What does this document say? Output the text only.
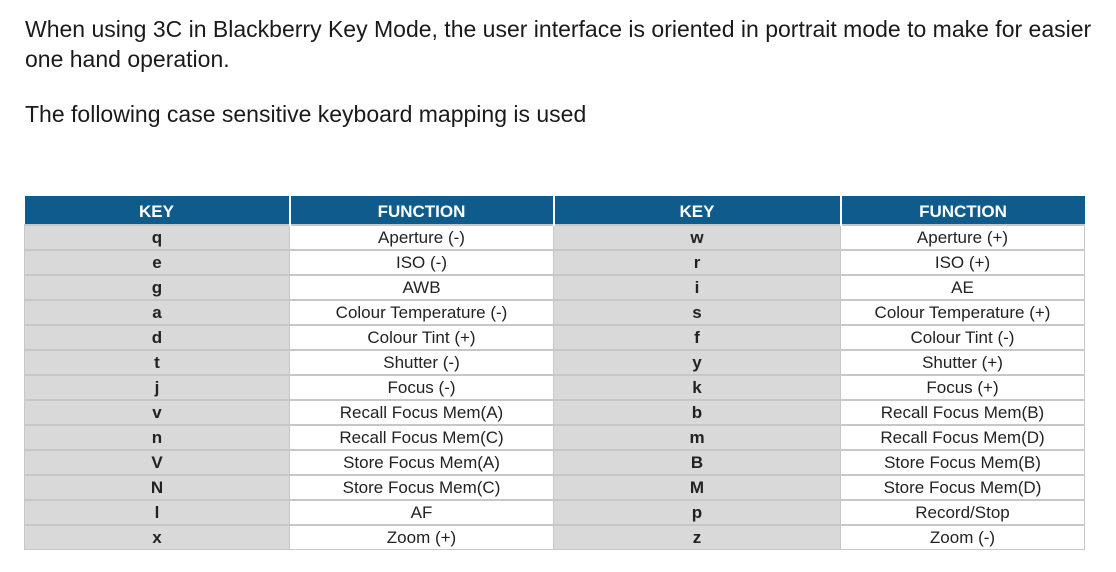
When using 3C in Blackberry Key Mode, the user interface is oriented in portrait mode to make for easier one hand operation.

The following case sensitive keyboard mapping is used

KEY	FUNCTION	KEY	FUNCTION
q	Aperture (-)	w	Aperture (+)
e	ISO (-)	r	ISO (+)
g	AWB	i	AE
a	Colour Temperature (-)	s	Colour Temperature (+)
d	Colour Tint (+)	f	Colour Tint (-)
t	Shutter (-)	y	Shutter (+)
j	Focus (-)	k	Focus (+)
v	Recall Focus Mem(A)	b	Recall Focus Mem(B)
n	Recall Focus Mem(C)	m	Recall Focus Mem(D)
V	Store Focus Mem(A)	B	Store Focus Mem(B)
N	Store Focus Mem(C)	M	Store Focus Mem(D)
l	AF	p	Record/Stop
x	Zoom (+)	z	Zoom (-)
